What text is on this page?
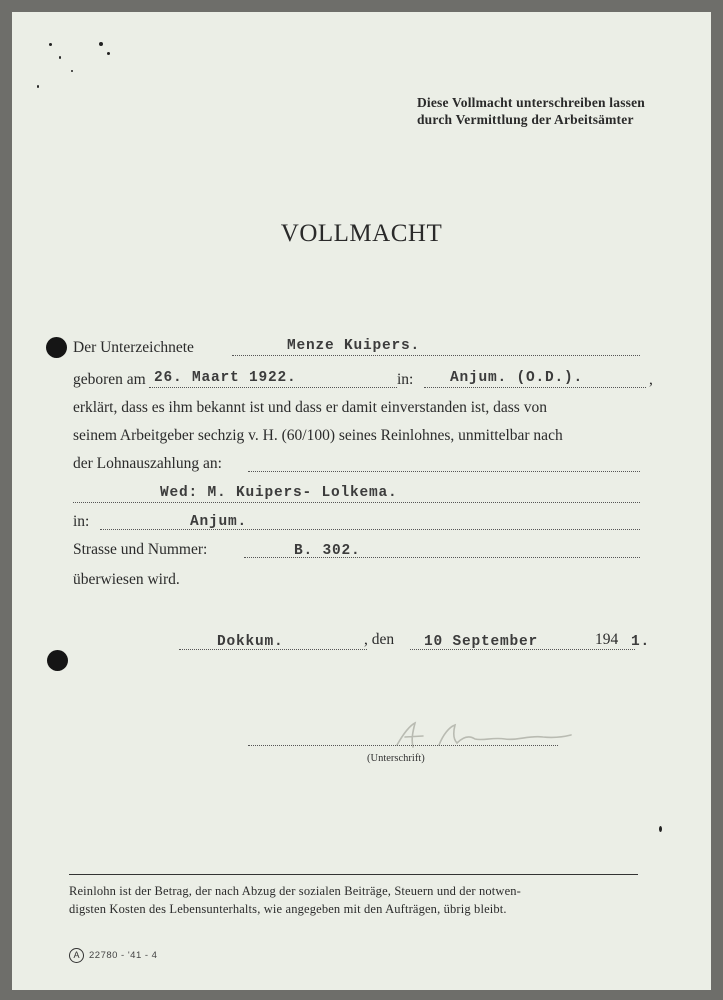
Diese Vollmacht unterschreiben lassen
durch Vermittlung der Arbeitsämter
VOLLMACHT
Der Unterzeichnete	Menze Kuipers.
geboren am 26. Maart 1922.	in:	Anjum. (O.D.).	,
erklärt, dass es ihm bekannt ist und dass er damit einverstanden ist, dass von
seinem Arbeitgeber sechzig v. H. (60/100) seines Reinlohnes, unmittelbar nach
der Lohnauszahlung an:
Wed: M. Kuipers- Lolkema.
in:	Anjum.
Strasse und Nummer:	B. 302.
überwiesen wird.
Dokkum.	, den 10 September	194 1.
(Unterschrift)
Reinlohn ist der Betrag, der nach Abzug der sozialen Beiträge, Steuern und der notwen-
digsten Kosten des Lebensunterhalts, wie angegeben mit den Aufträgen, übrig bleibt.
A	22780 - '41 - 4
